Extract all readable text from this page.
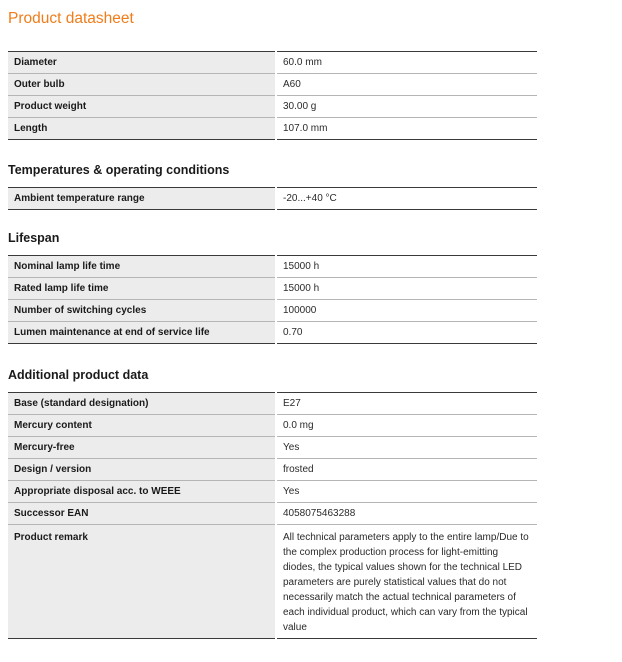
Product datasheet
Diameter	60.0 mm
Outer bulb	A60
Product weight	30.00 g
Length	107.0 mm
Temperatures & operating conditions
Ambient temperature range	-20...+40 °C
Lifespan
Nominal lamp life time	15000 h
Rated lamp life time	15000 h
Number of switching cycles	100000
Lumen maintenance at end of service life	0.70
Additional product data
Base (standard designation)	E27
Mercury content	0.0 mg
Mercury-free	Yes
Design / version	frosted
Appropriate disposal acc. to WEEE	Yes
Successor EAN	4058075463288
Product remark	All technical parameters apply to the entire lamp/Due to the complex production process for light-emitting diodes, the typical values shown for the technical LED parameters are purely statistical values that do not necessarily match the actual technical parameters of each individual product, which can vary from the typical value
